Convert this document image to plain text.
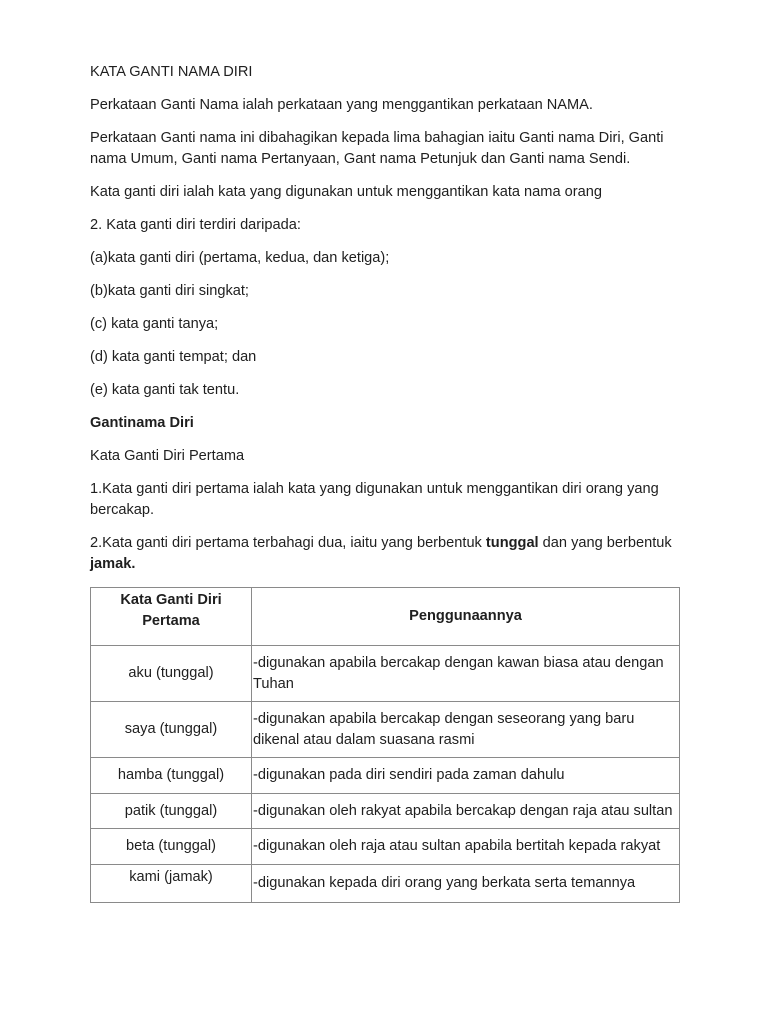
KATA GANTI NAMA DIRI

Perkataan Ganti Nama ialah perkataan yang menggantikan perkataan NAMA.

Perkataan Ganti nama ini dibahagikan kepada lima bahagian iaitu Ganti nama Diri, Ganti nama Umum, Ganti nama Pertanyaan, Gant nama Petunjuk dan Ganti nama Sendi.

Kata ganti diri ialah kata yang digunakan untuk menggantikan kata nama orang

2. Kata ganti diri terdiri daripada:

(a)kata ganti diri (pertama, kedua, dan ketiga);

(b)kata ganti diri singkat;

(c) kata ganti tanya;

(d) kata ganti tempat; dan

(e) kata ganti tak tentu.

Gantinama Diri

Kata Ganti Diri Pertama

1.Kata ganti diri pertama ialah kata yang digunakan untuk menggantikan diri orang yang bercakap.

2.Kata ganti diri pertama terbahagi dua, iaitu yang berbentuk tunggal dan yang berbentuk jamak.

Kata Ganti Diri Pertama	Penggunaannya
aku (tunggal)	-digunakan apabila bercakap dengan kawan biasa atau dengan Tuhan
saya (tunggal)	-digunakan apabila bercakap dengan seseorang yang baru dikenal atau dalam suasana rasmi
hamba (tunggal)	-digunakan pada diri sendiri pada zaman dahulu
patik (tunggal)	-digunakan oleh rakyat apabila bercakap dengan raja atau sultan
beta (tunggal)	-digunakan oleh raja atau sultan apabila bertitah kepada rakyat
kami (jamak)	-digunakan kepada diri orang yang berkata serta temannya
